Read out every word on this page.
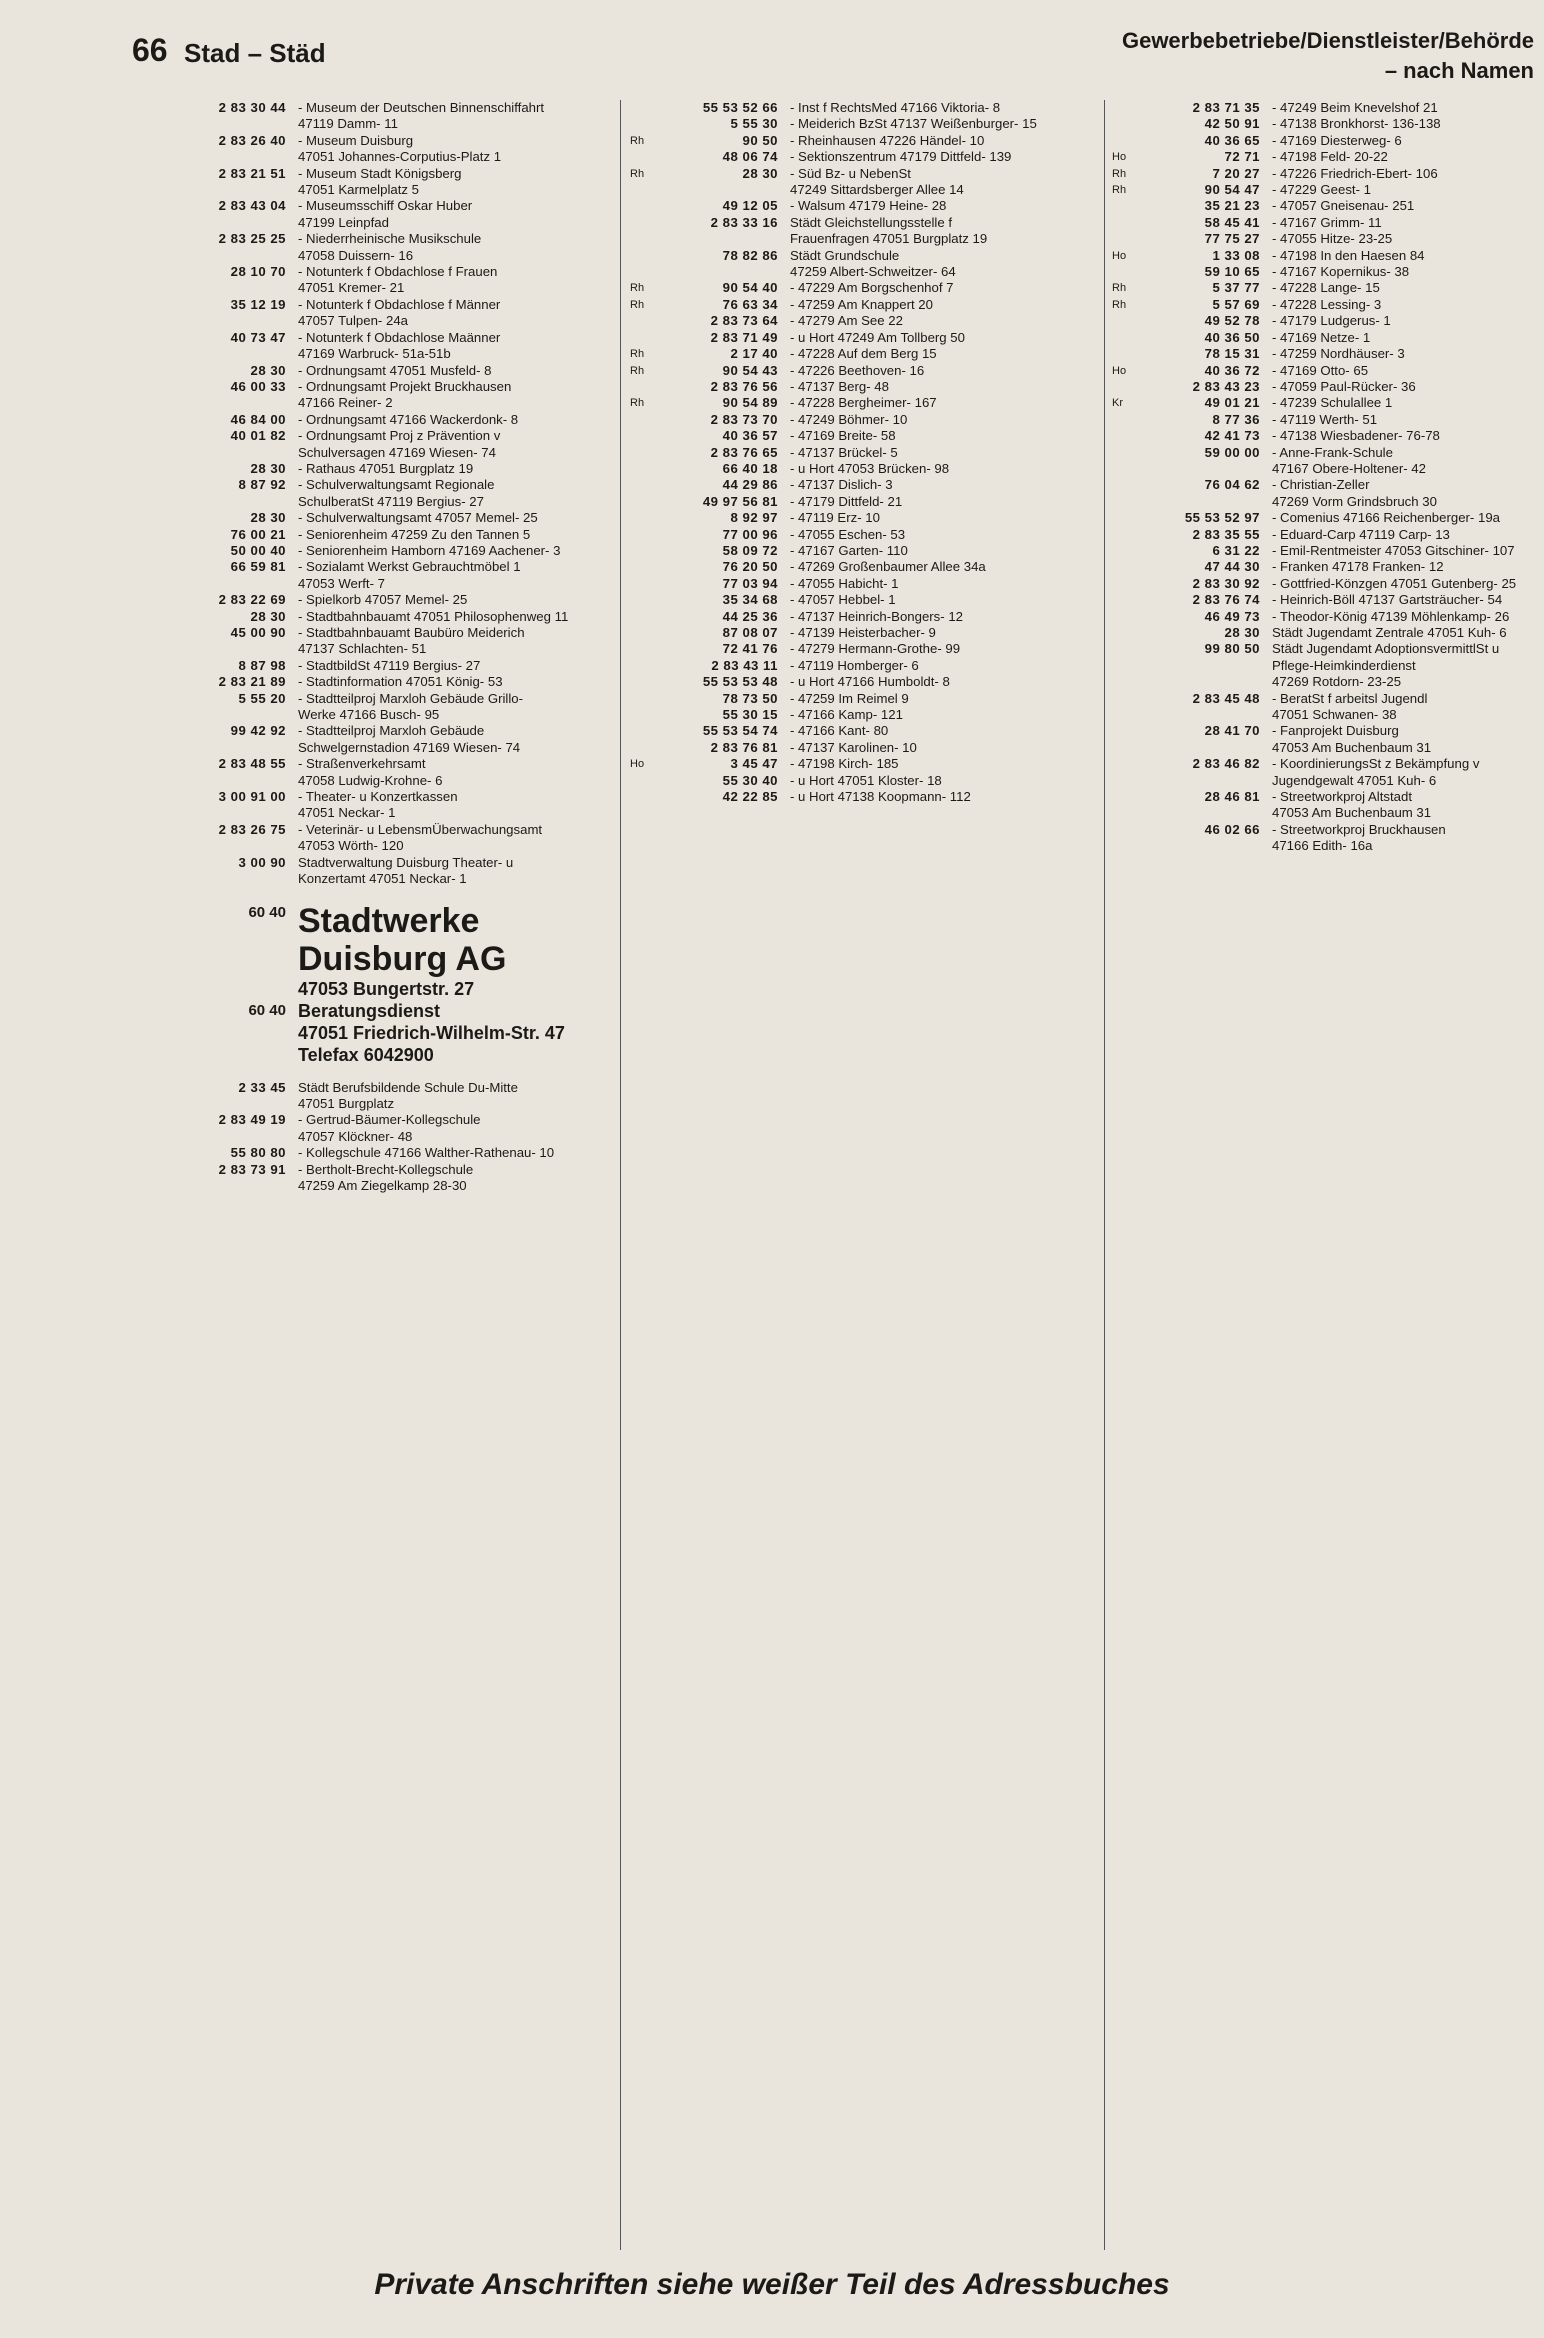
66 Stad – Städ	Gewerbebetriebe/Dienstleister/Behörde
– nach Namen
2 83 30 44 - Museum der Deutschen Binnenschiffahrt
47119 Damm- 11
2 83 26 40 - Museum Duisburg
47051 Johannes-Corputius-Platz 1
2 83 21 51 - Museum Stadt Königsberg
47051 Karmelplatz 5
2 83 43 04 - Museumsschiff Oskar Huber
47199 Leinpfad
2 83 25 25 - Niederrheinische Musikschule
47058 Duissern- 16
28 10 70 - Notunterk f Obdachlose f Frauen
47051 Kremer- 21
35 12 19 - Notunterk f Obdachlose f Männer
47057 Tulpen- 24a
40 73 47 - Notunterk f Obdachlose Maänner
47169 Warbruck- 51a-51b
28 30 - Ordnungsamt 47051 Musfeld- 8
46 00 33 - Ordnungsamt Projekt Bruckhausen
47166 Reiner- 2
46 84 00 - Ordnungsamt 47166 Wackerdonk- 8
40 01 82 - Ordnungsamt Proj z Prävention v
Schulversagen 47169 Wiesen- 74
28 30 - Rathaus 47051 Burgplatz 19
8 87 92 - Schulverwaltungsamt Regionale
SchulberatSt 47119 Bergius- 27
28 30 - Schulverwaltungsamt 47057 Memel- 25
76 00 21 - Seniorenheim 47259 Zu den Tannen 5
50 00 40 - Seniorenheim Hamborn 47169 Aachener- 3
66 59 81 - Sozialamt Werkst Gebrauchtmöbel 1
47053 Werft- 7
2 83 22 69 - Spielkorb 47057 Memel- 25
28 30 - Stadtbahnbauamt 47051 Philosophenweg 11
45 00 90 - Stadtbahnbauamt Baubüro Meiderich
47137 Schlachten- 51
8 87 98 - StadtbildSt 47119 Bergius- 27
2 83 21 89 - Stadtinformation 47051 König- 53
5 55 20 - Stadtteilproj Marxloh Gebäude Grillo-
Werke 47166 Busch- 95
99 42 92 - Stadtteilproj Marxloh Gebäude
Schwelgernstadion 47169 Wiesen- 74
2 83 48 55 - Straßenverkehrsamt
47058 Ludwig-Krohne- 6
3 00 91 00 - Theater- u Konzertkassen
47051 Neckar- 1
2 83 26 75 - Veterinär- u LebensmÜberwachungsamt
47053 Wörth- 120
3 00 90 Stadtverwaltung Duisburg Theater- u
Konzertamt 47051 Neckar- 1
60 40 Stadtwerke
Duisburg AG
47053 Bungertstr. 27
60 40 Beratungsdienst
47051 Friedrich-Wilhelm-Str. 47
Telefax 6042900
2 33 45 Städt Berufsbildende Schule Du-Mitte
47051 Burgplatz
2 83 49 19 - Gertrud-Bäumer-Kollegschule
47057 Klöckner- 48
55 80 80 - Kollegschule 47166 Walther-Rathenau- 10
2 83 73 91 - Bertholt-Brecht-Kollegschule
47259 Am Ziegelkamp 28-30
55 53 52 66 - Inst f RechtsMed 47166 Viktoria- 8
5 55 30 - Meiderich BzSt 47137 Weißenburger- 15
Rh	90 50 - Rheinhausen 47226 Händel- 10
48 06 74 - Sektionszentrum 47179 Dittfeld- 139
Rh	28 30 - Süd Bz- u NebenSt
47249 Sittardsberger Allee 14
49 12 05 - Walsum 47179 Heine- 28
2 83 33 16 Städt Gleichstellungsstelle f
Frauenfragen 47051 Burgplatz 19
78 82 86 Städt Grundschule
47259 Albert-Schweitzer- 64
Rh	90 54 40 - 47229 Am Borgschenhof 7
Rh	76 63 34 - 47259 Am Knappert 20
2 83 73 64 - 47279 Am See 22
2 83 71 49 - u Hort 47249 Am Tollberg 50
Rh	2 17 40 - 47228 Auf dem Berg 15
Rh	90 54 43 - 47226 Beethoven- 16
2 83 76 56 - 47137 Berg- 48
Rh	90 54 89 - 47228 Bergheimer- 167
2 83 73 70 - 47249 Böhmer- 10
40 36 57 - 47169 Breite- 58
2 83 76 65 - 47137 Brückel- 5
66 40 18 - u Hort 47053 Brücken- 98
44 29 86 - 47137 Dislich- 3
49 97 56 81 - 47179 Dittfeld- 21
8 92 97 - 47119 Erz- 10
77 00 96 - 47055 Eschen- 53
58 09 72 - 47167 Garten- 110
76 20 50 - 47269 Großenbaumer Allee 34a
77 03 94 - 47055 Habicht- 1
35 34 68 - 47057 Hebbel- 1
44 25 36 - 47137 Heinrich-Bongers- 12
87 08 07 - 47139 Heisterbacher- 9
72 41 76 - 47279 Hermann-Grothe- 99
2 83 43 11 - 47119 Homberger- 6
55 53 53 48 - u Hort 47166 Humboldt- 8
78 73 50 - 47259 Im Reimel 9
55 30 15 - 47166 Kamp- 121
55 53 54 74 - 47166 Kant- 80
2 83 76 81 - 47137 Karolinen- 10
Ho	3 45 47 - 47198 Kirch- 185
55 30 40 - u Hort 47051 Kloster- 18
42 22 85 - u Hort 47138 Koopmann- 112
2 83 71 35 - 47249 Beim Knevelshof 21
42 50 91 - 47138 Bronkhorst- 136-138
40 36 65 - 47169 Diesterweg- 6
Ho	72 71 - 47198 Feld- 20-22
Rh	7 20 27 - 47226 Friedrich-Ebert- 106
Rh	90 54 47 - 47229 Geest- 1
35 21 23 - 47057 Gneisenau- 251
58 45 41 - 47167 Grimm- 11
77 75 27 - 47055 Hitze- 23-25
Ho	1 33 08 - 47198 In den Haesen 84
59 10 65 - 47167 Kopernikus- 38
Rh	5 37 77 - 47228 Lange- 15
Rh	5 57 69 - 47228 Lessing- 3
49 52 78 - 47179 Ludgerus- 1
40 36 50 - 47169 Netze- 1
78 15 31 - 47259 Nordhäuser- 3
Ho	40 36 72 - 47169 Otto- 65
2 83 43 23 - 47059 Paul-Rücker- 36
Kr	49 01 21 - 47239 Schulallee 1
8 77 36 - 47119 Werth- 51
42 41 73 - 47138 Wiesbadener- 76-78
59 00 00 - Anne-Frank-Schule
47167 Obere-Holtener- 42
76 04 62 - Christian-Zeller
47269 Vorm Grindsbruch 30
55 53 52 97 - Comenius 47166 Reichenberger- 19a
2 83 35 55 - Eduard-Carp 47119 Carp- 13
6 31 22 - Emil-Rentmeister 47053 Gitschiner- 107
47 44 30 - Franken 47178 Franken- 12
2 83 30 92 - Gottfried-Könzgen 47051 Gutenberg- 25
2 83 76 74 - Heinrich-Böll 47137 Gartsträucher- 54
46 49 73 - Theodor-König 47139 Möhlenkamp- 26
28 30 Städt Jugendamt Zentrale 47051 Kuh- 6
99 80 50 Städt Jugendamt AdoptionsvermittlSt u
Pflege-Heimkinderdienst
47269 Rotdorn- 23-25
2 83 45 48 - BeratSt f arbeitsl Jugendl
47051 Schwanen- 38
28 41 70 - Fanprojekt Duisburg
47053 Am Buchenbaum 31
2 83 46 82 - KoordinierungsSt z Bekämpfung v
Jugendgewalt 47051 Kuh- 6
28 46 81 - Streetworkproj Altstadt
47053 Am Buchenbaum 31
46 02 66 - Streetworkproj Bruckhausen
47166 Edith- 16a
Private Anschriften siehe weißer Teil des Adressbuches
